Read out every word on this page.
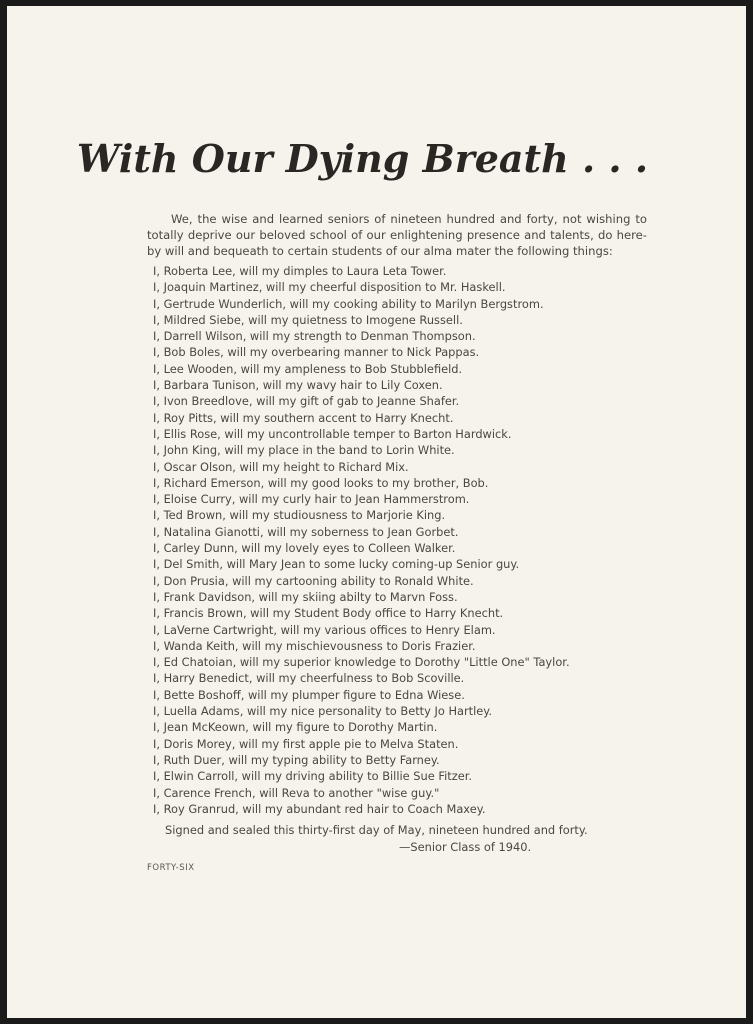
With Our Dying Breath . . .

We, the wise and learned seniors of nineteen hundred and forty, not wishing to totally deprive our beloved school of our enlightening presence and talents, do here-by will and bequeath to certain students of our alma mater the following things:

I, Roberta Lee, will my dimples to Laura Leta Tower.
I, Joaquin Martinez, will my cheerful disposition to Mr. Haskell.
I, Gertrude Wunderlich, will my cooking ability to Marilyn Bergstrom.
I, Mildred Siebe, will my quietness to Imogene Russell.
I, Darrell Wilson, will my strength to Denman Thompson.
I, Bob Boles, will my overbearing manner to Nick Pappas.
I, Lee Wooden, will my ampleness to Bob Stubblefield.
I, Barbara Tunison, will my wavy hair to Lily Coxen.
I, Ivon Breedlove, will my gift of gab to Jeanne Shafer.
I, Roy Pitts, will my southern accent to Harry Knecht.
I, Ellis Rose, will my uncontrollable temper to Barton Hardwick.
I, John King, will my place in the band to Lorin White.
I, Oscar Olson, will my height to Richard Mix.
I, Richard Emerson, will my good looks to my brother, Bob.
I, Eloise Curry, will my curly hair to Jean Hammerstrom.
I, Ted Brown, will my studiousness to Marjorie King.
I, Natalina Gianotti, will my soberness to Jean Gorbet.
I, Carley Dunn, will my lovely eyes to Colleen Walker.
I, Del Smith, will Mary Jean to some lucky coming-up Senior guy.
I, Don Prusia, will my cartooning ability to Ronald White.
I, Frank Davidson, will my skiing abilty to Marvn Foss.
I, Francis Brown, will my Student Body office to Harry Knecht.
I, LaVerne Cartwright, will my various offices to Henry Elam.
I, Wanda Keith, will my mischievousness to Doris Frazier.
I, Ed Chatoian, will my superior knowledge to Dorothy "Little One" Taylor.
I, Harry Benedict, will my cheerfulness to Bob Scoville.
I, Bette Boshoff, will my plumper figure to Edna Wiese.
I, Luella Adams, will my nice personality to Betty Jo Hartley.
I, Jean McKeown, will my figure to Dorothy Martin.
I, Doris Morey, will my first apple pie to Melva Staten.
I, Ruth Duer, will my typing ability to Betty Farney.
I, Elwin Carroll, will my driving ability to Billie Sue Fitzer.
I, Carence French, will Reva to another "wise guy."
I, Roy Granrud, will my abundant red hair to Coach Maxey.
Signed and sealed this thirty-first day of May, nineteen hundred and forty.
—Senior Class of 1940.
FORTY-SIX
